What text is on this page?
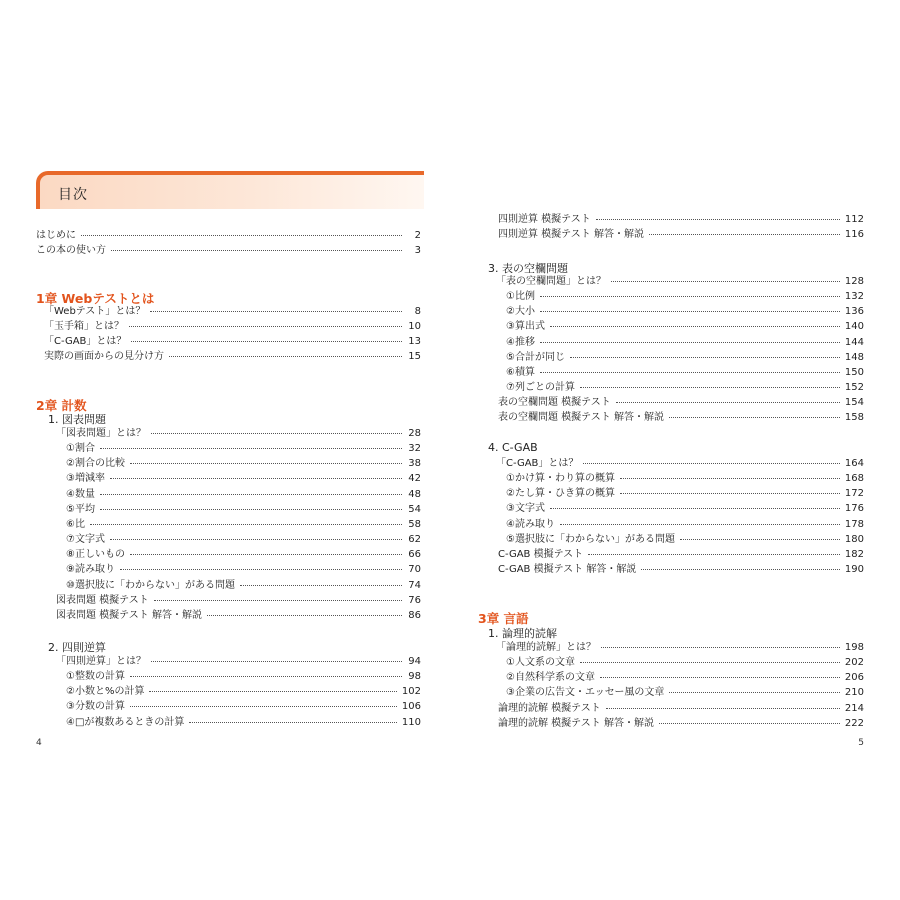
目次
はじめに	2
この本の使い方	3
1章 Webテストとは
「Webテスト」とは？	8
「玉手箱」とは？	10
「C-GAB」とは？	13
実際の画面からの見分け方	15
2章 計数
1. 図表問題
「図表問題」とは？	28
①割合	32
②割合の比較	38
③増減率	42
④数量	48
⑤平均	54
⑥比	58
⑦文字式	62
⑧正しいもの	66
⑨読み取り	70
⑩選択肢に「わからない」がある問題	74
図表問題 模擬テスト	76
図表問題 模擬テスト 解答・解説	86
2. 四則逆算
「四則逆算」とは？	94
①整数の計算	98
②小数と%の計算	102
③分数の計算	106
④□が複数あるときの計算	110
4
四則逆算 模擬テスト	112
四則逆算 模擬テスト 解答・解説	116
3. 表の空欄問題
「表の空欄問題」とは？	128
①比例	132
②大小	136
③算出式	140
④推移	144
⑤合計が同じ	148
⑥積算	150
⑦列ごとの計算	152
表の空欄問題 模擬テスト	154
表の空欄問題 模擬テスト 解答・解説	158
4. C-GAB
「C-GAB」とは？	164
①かけ算・わり算の概算	168
②たし算・ひき算の概算	172
③文字式	176
④読み取り	178
⑤選択肢に「わからない」がある問題	180
C-GAB 模擬テスト	182
C-GAB 模擬テスト 解答・解説	190
3章 言語
1. 論理的読解
「論理的読解」とは？	198
①人文系の文章	202
②自然科学系の文章	206
③企業の広告文・エッセー風の文章	210
論理的読解 模擬テスト	214
論理的読解 模擬テスト 解答・解説	222
5
